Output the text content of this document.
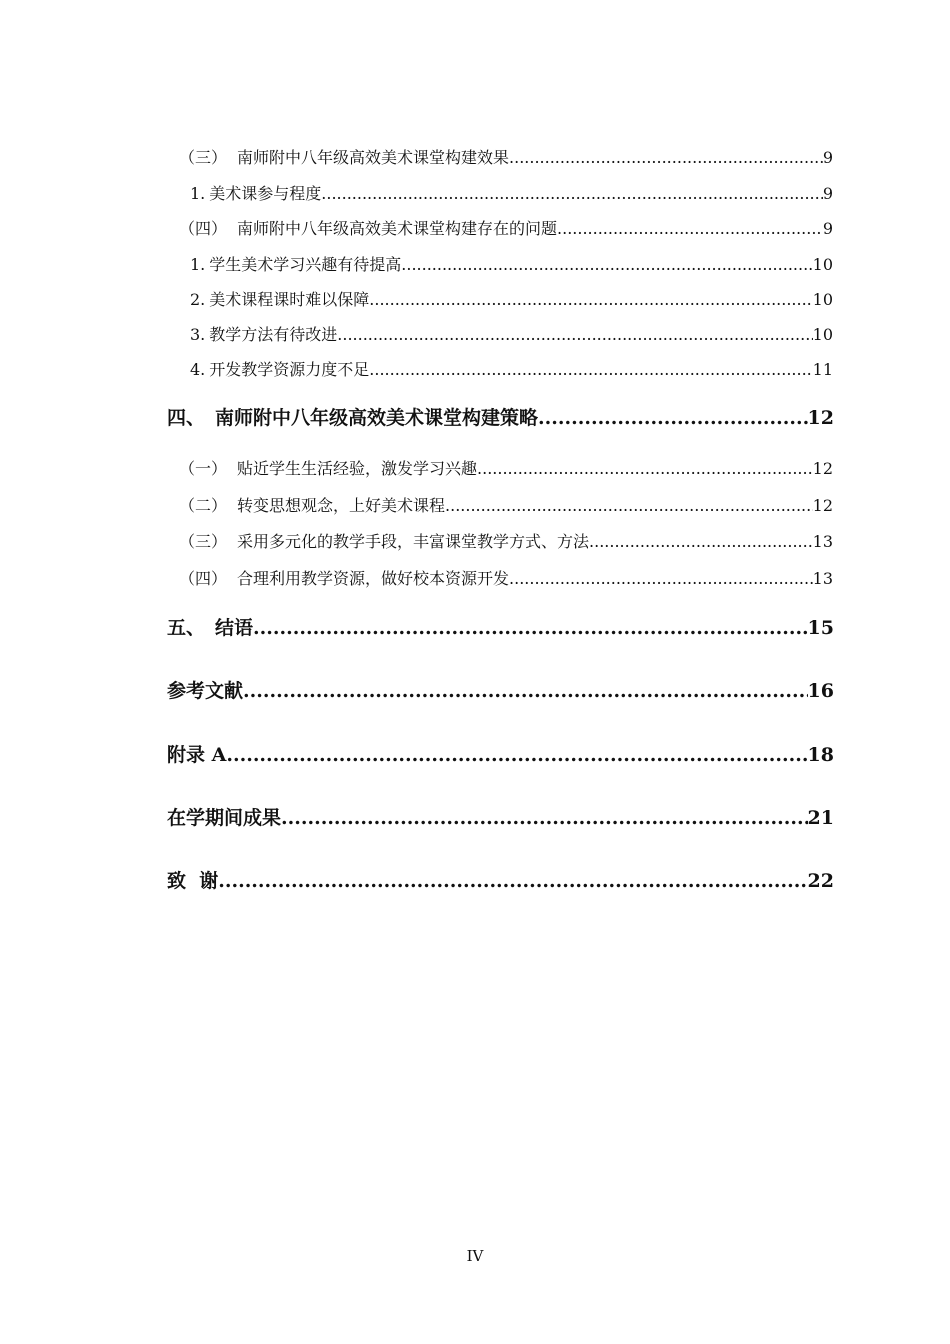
（三） 南师附中八年级高效美术课堂构建效果 .....	9
1. 美术课参与程度 .....	9
（四） 南师附中八年级高效美术课堂构建存在的问题 .....	9
1. 学生美术学习兴趣有待提高 .....	10
2. 美术课程课时难以保障 .....	10
3. 教学方法有待改进 .....	10
4. 开发教学资源力度不足 .....	11
四、 南师附中八年级高效美术课堂构建策略 .....	12
（一） 贴近学生生活经验，激发学习兴趣 .....	12
（二） 转变思想观念，上好美术课程 .....	12
（三） 采用多元化的教学手段，丰富课堂教学方式、方法 .....	13
（四） 合理利用教学资源，做好校本资源开发 .....	13
五、 结语 .....	15
参考文献 .....	16
附录 A .....	18
在学期间成果 .....	21
致  谢 .....	22
IV
